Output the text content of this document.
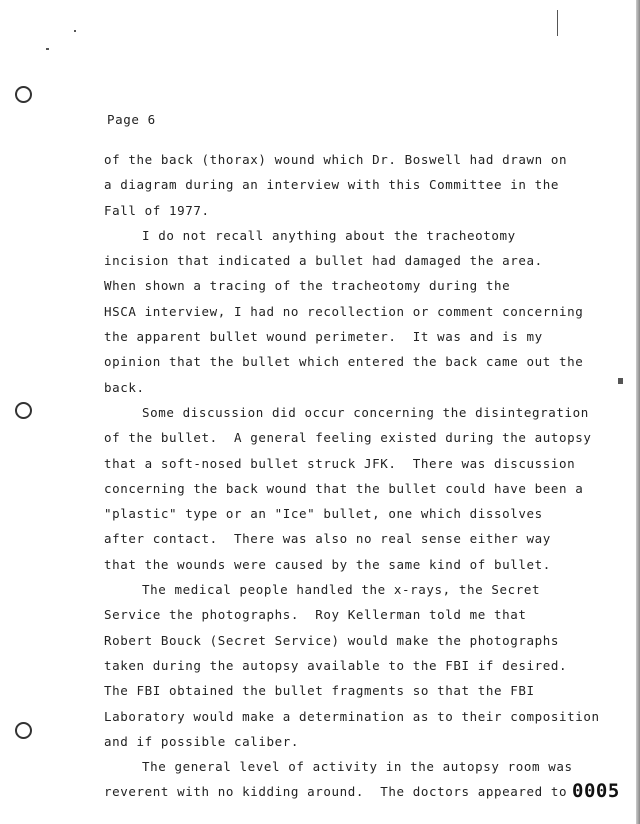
Page 6
of the back (thorax) wound which Dr. Boswell had drawn on
a diagram during an interview with this Committee in the
Fall of 1977.
I do not recall anything about the tracheotomy
incision that indicated a bullet had damaged the area.
When shown a tracing of the tracheotomy during the
HSCA interview, I had no recollection or comment concerning
the apparent bullet wound perimeter.  It was and is my
opinion that the bullet which entered the back came out the
back.
Some discussion did occur concerning the disintegration
of the bullet.  A general feeling existed during the autopsy
that a soft-nosed bullet struck JFK.  There was discussion
concerning the back wound that the bullet could have been a
"plastic" type or an "Ice" bullet, one which dissolves
after contact.  There was also no real sense either way
that the wounds were caused by the same kind of bullet.
The medical people handled the x-rays, the Secret
Service the photographs.  Roy Kellerman told me that
Robert Bouck (Secret Service) would make the photographs
taken during the autopsy available to the FBI if desired.
The FBI obtained the bullet fragments so that the FBI
Laboratory would make a determination as to their composition
and if possible caliber.
The general level of activity in the autopsy room was
reverent with no kidding around.  The doctors appeared to 0005
